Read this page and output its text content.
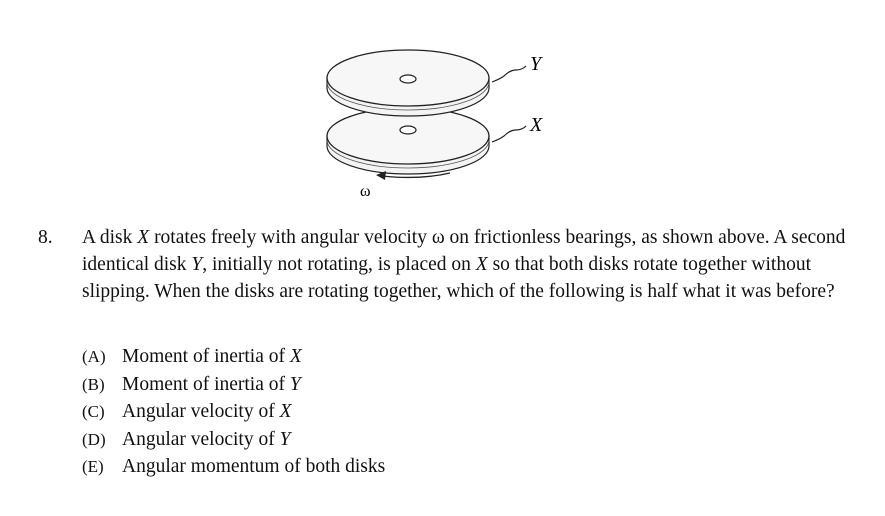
Y
X
ω
8. A disk X rotates freely with angular velocity ω on frictionless bearings, as shown above. A second identical disk Y, initially not rotating, is placed on X so that both disks rotate together without slipping. When the disks are rotating together, which of the following is half what it was before?
(A) Moment of inertia of X
(B) Moment of inertia of Y
(C) Angular velocity of X
(D) Angular velocity of Y
(E) Angular momentum of both disks
